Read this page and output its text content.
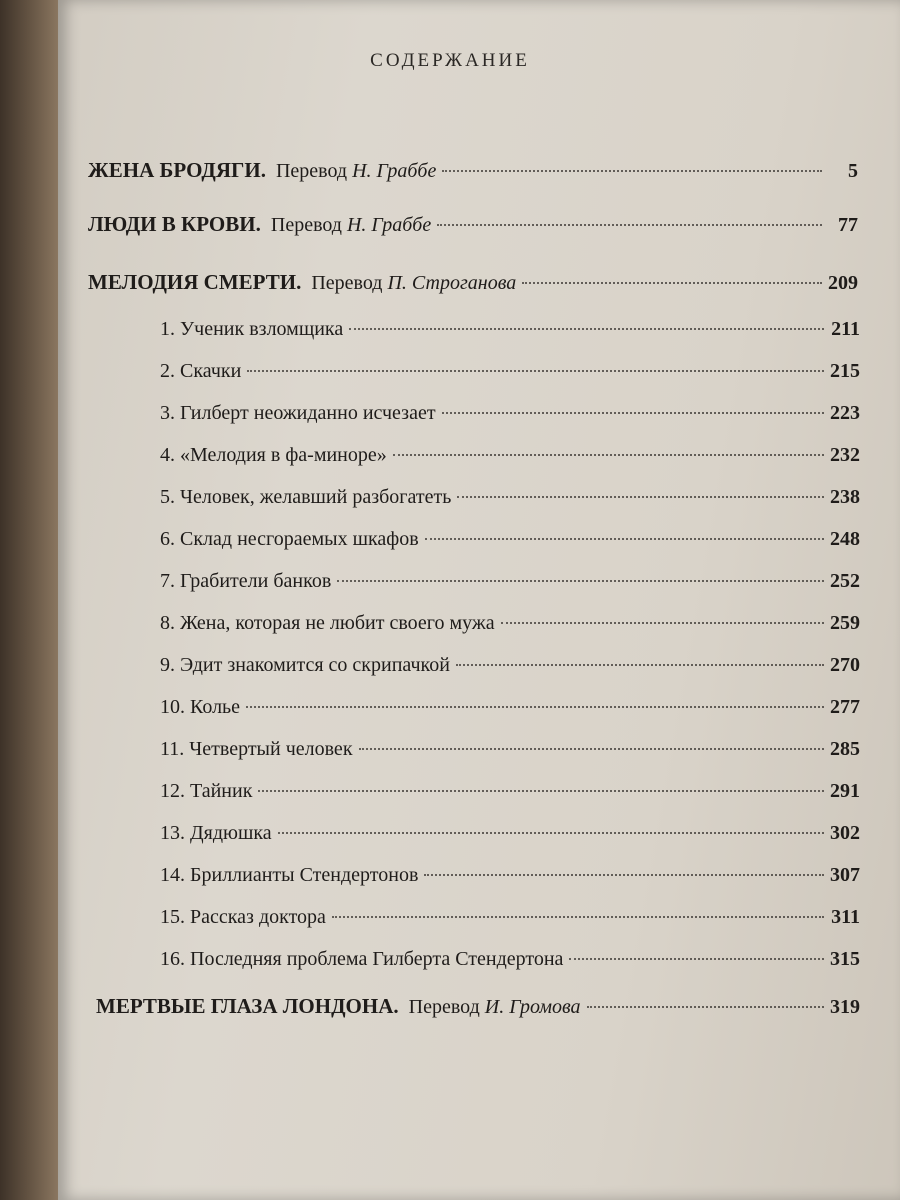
СОДЕРЖАНИЕ
ЖЕНА БРОДЯГИ. Перевод Н. Граббе	5
ЛЮДИ В КРОВИ. Перевод Н. Граббе	77
МЕЛОДИЯ СМЕРТИ. Перевод П. Строганова	209
1. Ученик взломщика	211
2. Скачки	215
3. Гилберт неожиданно исчезает	223
4. «Мелодия в фа-миноре»	232
5. Человек, желавший разбогатеть	238
6. Склад несгораемых шкафов	248
7. Грабители банков	252
8. Жена, которая не любит своего мужа	259
9. Эдит знакомится со скрипачкой	270
10. Колье	277
11. Четвертый человек	285
12. Тайник	291
13. Дядюшка	302
14. Бриллианты Стендертонов	307
15. Рассказ доктора	311
16. Последняя проблема Гилберта Стендертона	315
МЕРТВЫЕ ГЛАЗА ЛОНДОНА. Перевод И. Громова	319
